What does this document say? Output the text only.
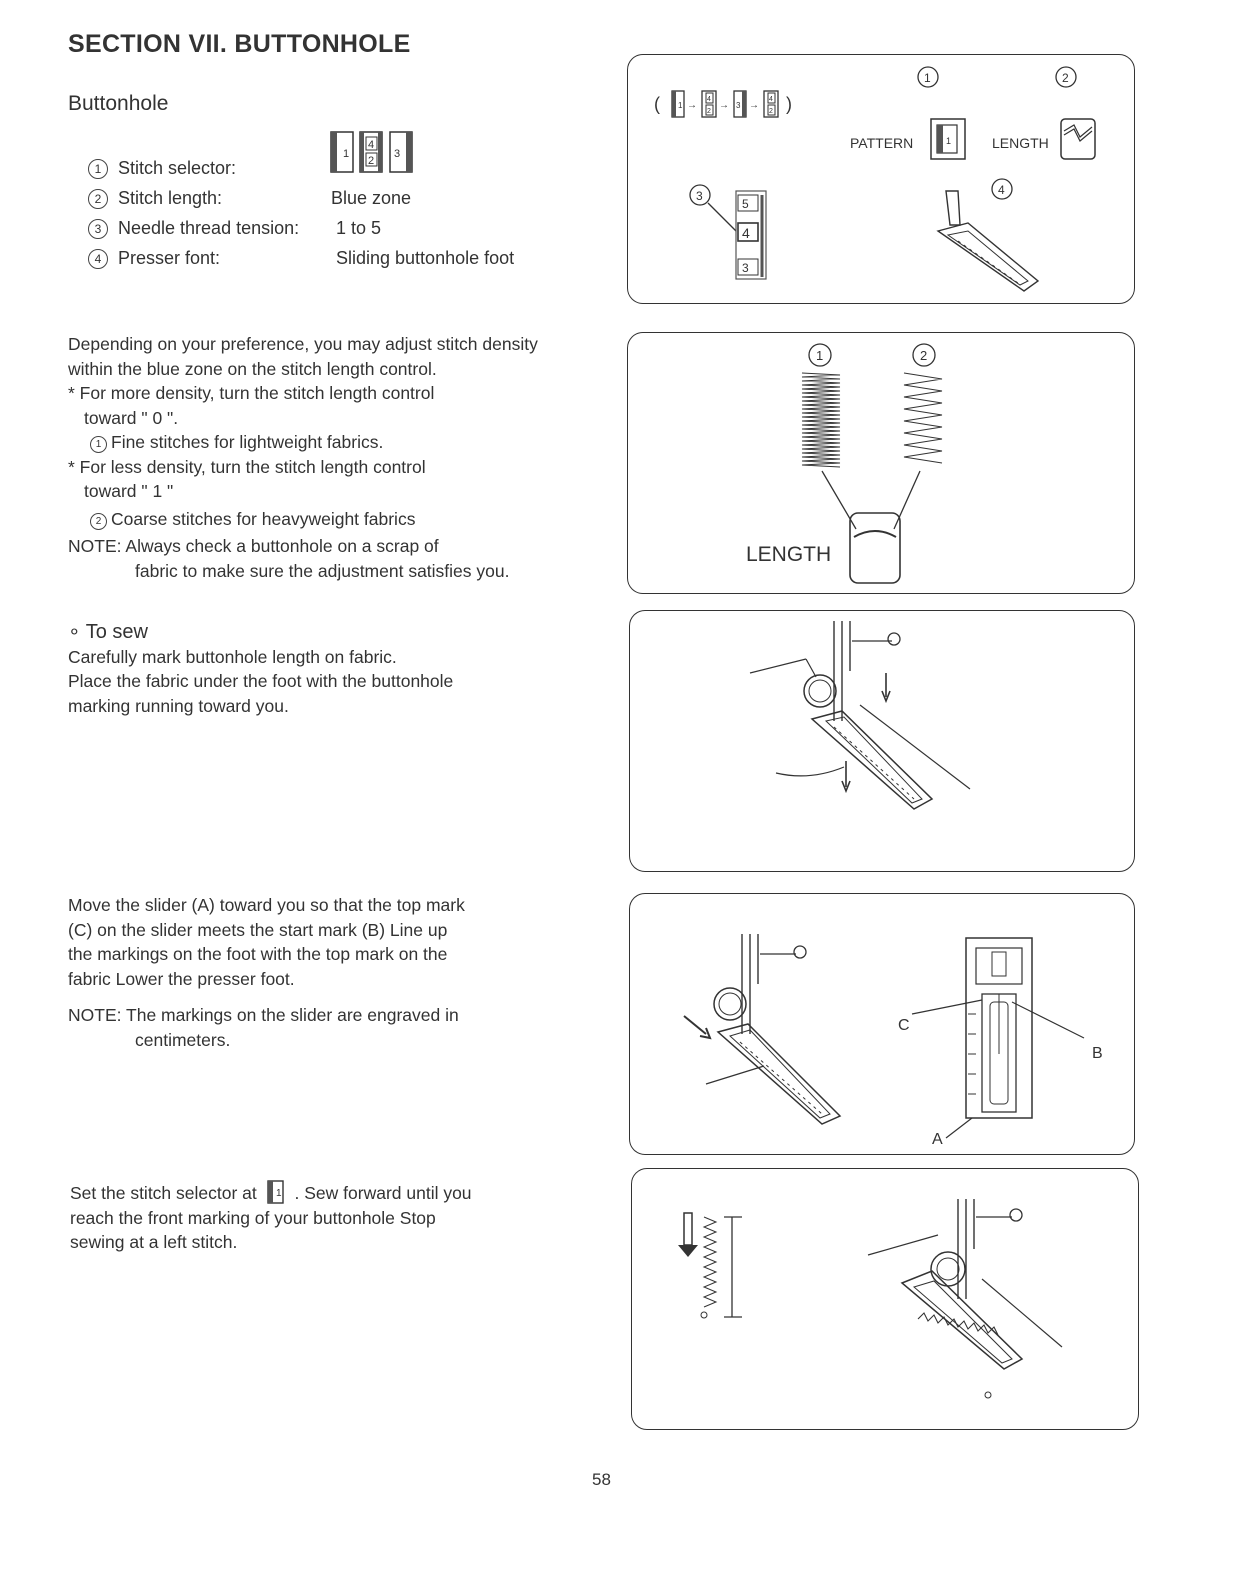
SECTION VII. BUTTONHOLE
Buttonhole
1
4
2
3
1 Stitch selector:
2 Stitch length:	Blue zone
3 Needle thread tension: 1 to 5
4 Presser font:	Sliding buttonhole foot
Depending on your preference, you may adjust stitch density
within the blue zone on the stitch length control.
* For more density, turn the stitch length control
toward " 0 ".
1 Fine stitches for lightweight fabrics.
* For less density, turn the stitch length control
toward " 1 "
2 Coarse stitches for heavyweight fabrics
NOTE: Always check a buttonhole on a scrap of
fabric to make sure the adjustment satisfies you.
∘ To sew
Carefully mark buttonhole length on fabric.
Place the fabric under the foot with the buttonhole
marking running toward you.
Move the slider (A) toward you so that the top mark
(C) on the slider meets the start mark (B) Line up
the markings on the foot with the top mark on the
fabric Lower the presser foot.
NOTE: The markings on the slider are engraved in
centimeters.
Set the stitch selector at 1 . Sew forward until you
reach the front marking of your buttonhole Stop
sewing at a left stitch.
( 1 →
4
2
→ 3 →
4
2 )
1	2
PATTERN	1	LENGTH
3
5
4
3
4
1	2
LENGTH
C
B
A
58
